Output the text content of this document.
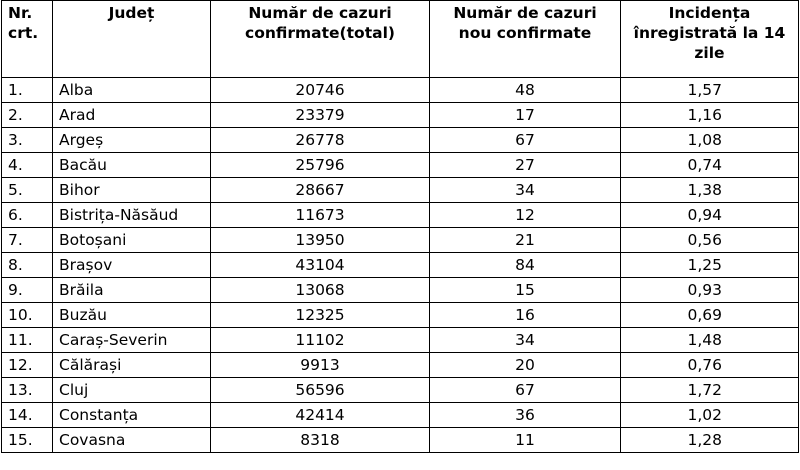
Nr. crt.	Județ	Număr de cazuri confirmate(total)	Număr de cazuri nou confirmate	Incidența înregistrată la 14 zile
1.	Alba	20746	48	1,57
2.	Arad	23379	17	1,16
3.	Argeș	26778	67	1,08
4.	Bacău	25796	27	0,74
5.	Bihor	28667	34	1,38
6.	Bistrița-Năsăud	11673	12	0,94
7.	Botoșani	13950	21	0,56
8.	Brașov	43104	84	1,25
9.	Brăila	13068	15	0,93
10.	Buzău	12325	16	0,69
11.	Caraș-Severin	11102	34	1,48
12.	Călărași	9913	20	0,76
13.	Cluj	56596	67	1,72
14.	Constanța	42414	36	1,02
15.	Covasna	8318	11	1,28
